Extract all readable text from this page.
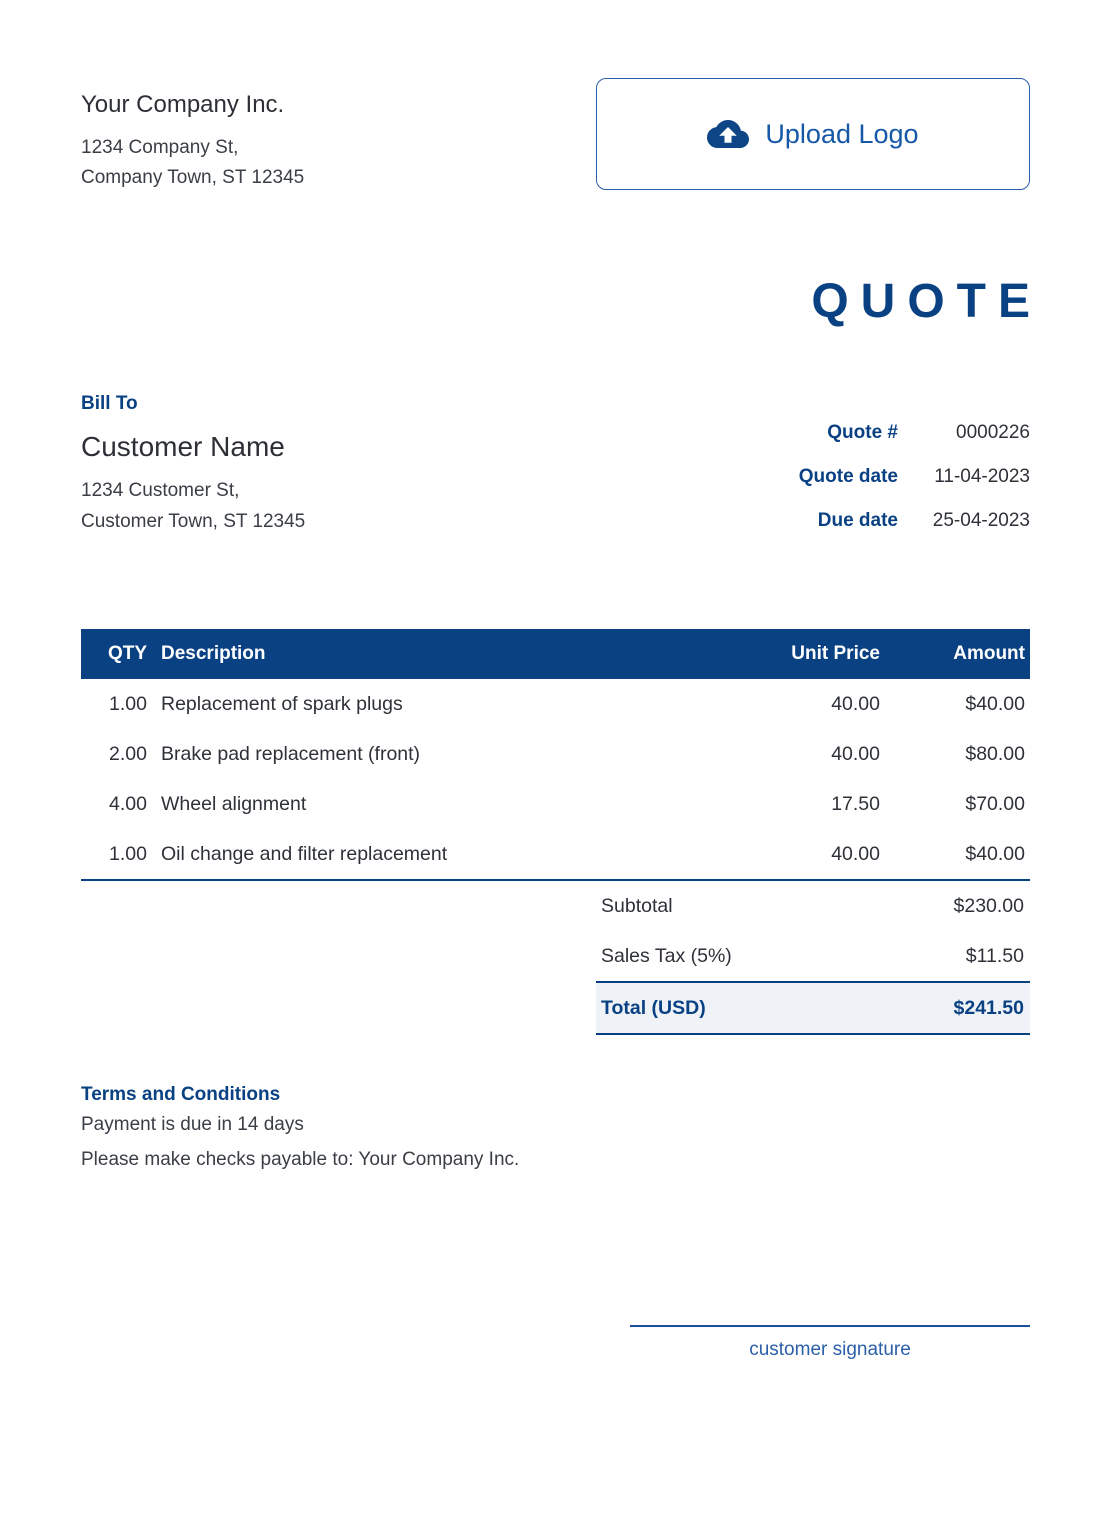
Your Company Inc.
1234 Company St,
Company Town, ST 12345
Upload Logo
QUOTE
Bill To
Customer Name
1234 Customer St,
Customer Town, ST 12345
Quote #	0000226
Quote date	11-04-2023
Due date	25-04-2023
QTY Description	Unit Price	Amount
1.00 Replacement of spark plugs	40.00	$40.00
2.00 Brake pad replacement (front)	40.00	$80.00
4.00 Wheel alignment	17.50	$70.00
1.00 Oil change and filter replacement	40.00	$40.00
Subtotal	$230.00
Sales Tax (5%)	$11.50
Total (USD)	$241.50
Terms and Conditions
Payment is due in 14 days
Please make checks payable to: Your Company Inc.
customer signature
